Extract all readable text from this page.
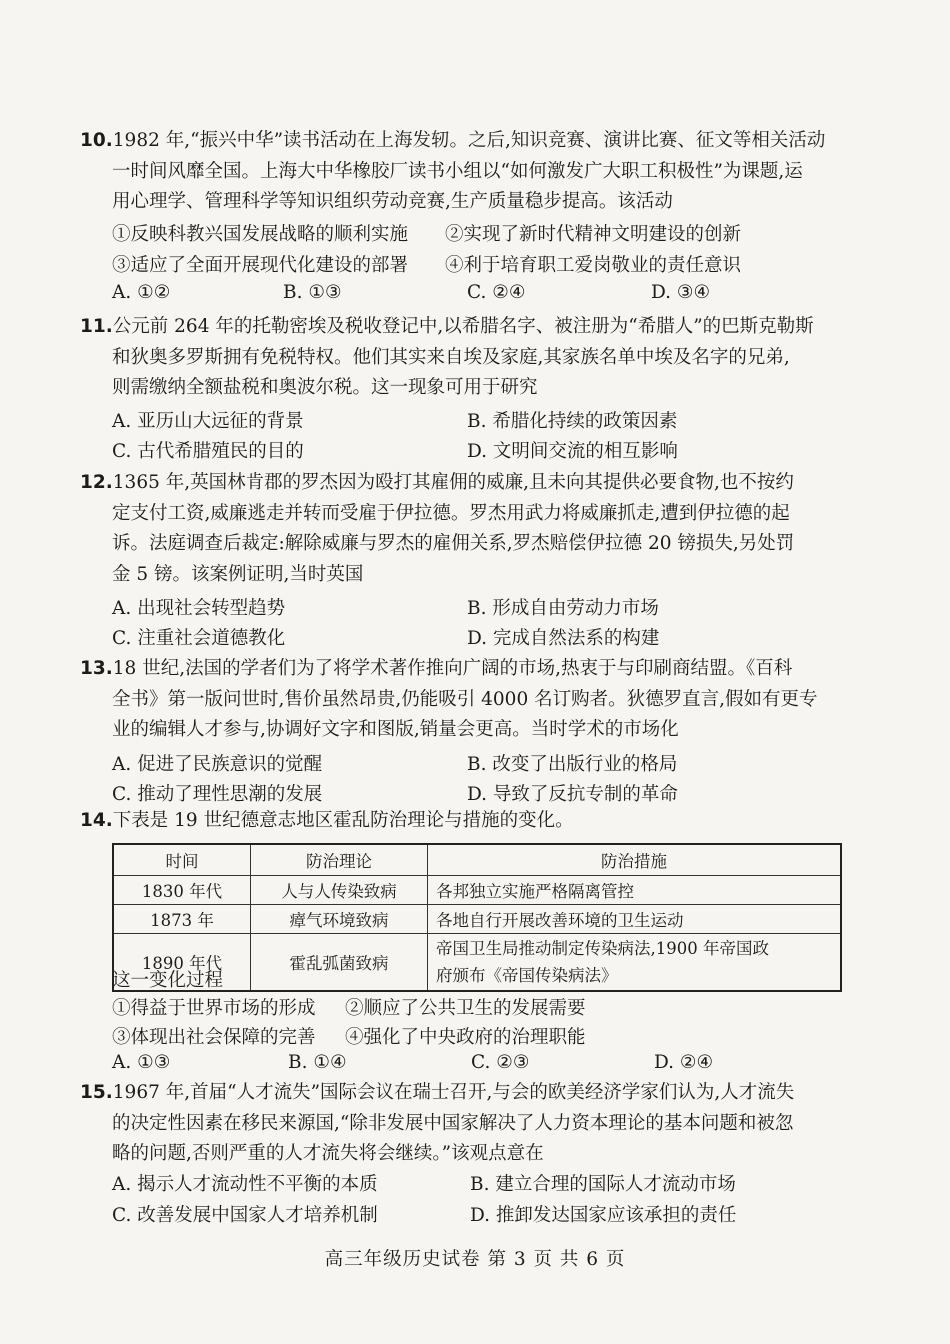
10.1982 年,“振兴中华”读书活动在上海发轫。之后,知识竞赛、演讲比赛、征文等相关活动
一时间风靡全国。上海大中华橡胶厂读书小组以“如何激发广大职工积极性”为课题,运
用心理学、管理科学等知识组织劳动竞赛,生产质量稳步提高。该活动
①反映科教兴国发展战略的顺利实施 ②实现了新时代精神文明建设的创新
③适应了全面开展现代化建设的部署 ④利于培育职工爱岗敬业的责任意识
A. ①②	B. ①③	C. ②④	D. ③④
11.公元前 264 年的托勒密埃及税收登记中,以希腊名字、被注册为“希腊人”的巴斯克勒斯
和狄奥多罗斯拥有免税特权。他们其实来自埃及家庭,其家族名单中埃及名字的兄弟,
则需缴纳全额盐税和奥波尔税。这一现象可用于研究
A. 亚历山大远征的背景	B. 希腊化持续的政策因素
C. 古代希腊殖民的目的	D. 文明间交流的相互影响
12.1365 年,英国林肯郡的罗杰因为殴打其雇佣的威廉,且未向其提供必要食物,也不按约
定支付工资,威廉逃走并转而受雇于伊拉德。罗杰用武力将威廉抓走,遭到伊拉德的起
诉。法庭调查后裁定:解除威廉与罗杰的雇佣关系,罗杰赔偿伊拉德 20 镑损失,另处罚
金 5 镑。该案例证明,当时英国
A. 出现社会转型趋势	B. 形成自由劳动力市场
C. 注重社会道德教化	D. 完成自然法系的构建
13.18 世纪,法国的学者们为了将学术著作推向广阔的市场,热衷于与印刷商结盟。《百科
全书》第一版问世时,售价虽然昂贵,仍能吸引 4000 名订购者。狄德罗直言,假如有更专
业的编辑人才参与,协调好文字和图版,销量会更高。当时学术的市场化
A. 促进了民族意识的觉醒	B. 改变了出版行业的格局
C. 推动了理性思潮的发展	D. 导致了反抗专制的革命

14.下表是 19 世纪德意志地区霍乱防治理论与措施的变化。
时间	防治理论	防治措施
1830 年代	人与人传染致病	各邦独立实施严格隔离管控
1873 年	瘴气环境致病	各地自行开展改善环境的卫生运动
1890 年代	霍乱弧菌致病	帝国卫生局推动制定传染病法,1900 年帝国政
府颁布《帝国传染病法》
这一变化过程
①得益于世界市场的形成 ②顺应了公共卫生的发展需要
③体现出社会保障的完善 ④强化了中央政府的治理职能
A. ①③	B. ①④	C. ②③	D. ②④
15.1967 年,首届“人才流失”国际会议在瑞士召开,与会的欧美经济学家们认为,人才流失
的决定性因素在移民来源国,“除非发展中国家解决了人力资本理论的基本问题和被忽
略的问题,否则严重的人才流失将会继续。”该观点意在
A. 揭示人才流动性不平衡的本质	B. 建立合理的国际人才流动市场
C. 改善发展中国家人才培养机制	D. 推卸发达国家应该承担的责任
高三年级历史试卷 第 3 页 共 6 页
